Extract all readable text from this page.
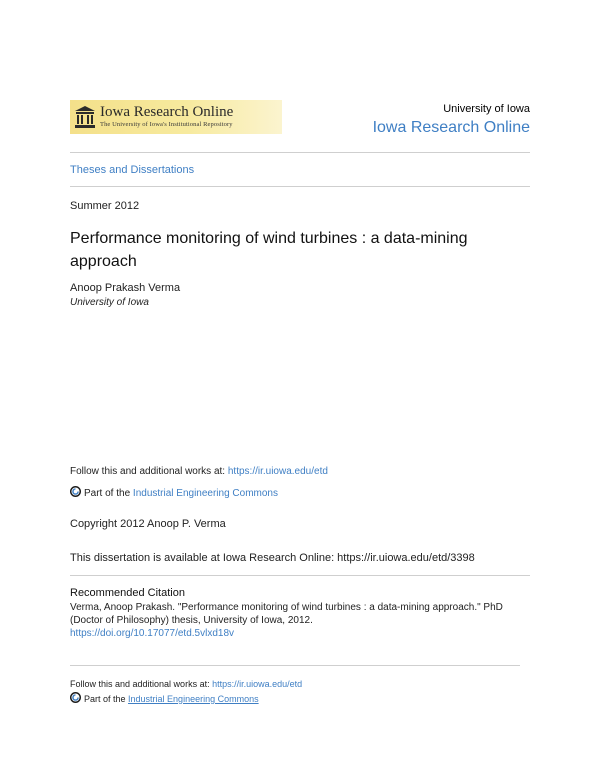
Iowa Research Online
The University of Iowa's Institutional Repository
University of Iowa
Iowa Research Online
Theses and Dissertations
Summer 2012
Performance monitoring of wind turbines : a data-mining approach
Anoop Prakash Verma
University of Iowa
Follow this and additional works at: https://ir.uiowa.edu/etd
Part of the Industrial Engineering Commons
Copyright 2012 Anoop P. Verma
This dissertation is available at Iowa Research Online: https://ir.uiowa.edu/etd/3398
Recommended Citation
Verma, Anoop Prakash. "Performance monitoring of wind turbines : a data-mining approach." PhD (Doctor of Philosophy) thesis, University of Iowa, 2012.
https://doi.org/10.17077/etd.5vlxd18v
Follow this and additional works at: https://ir.uiowa.edu/etd
Part of the Industrial Engineering Commons
